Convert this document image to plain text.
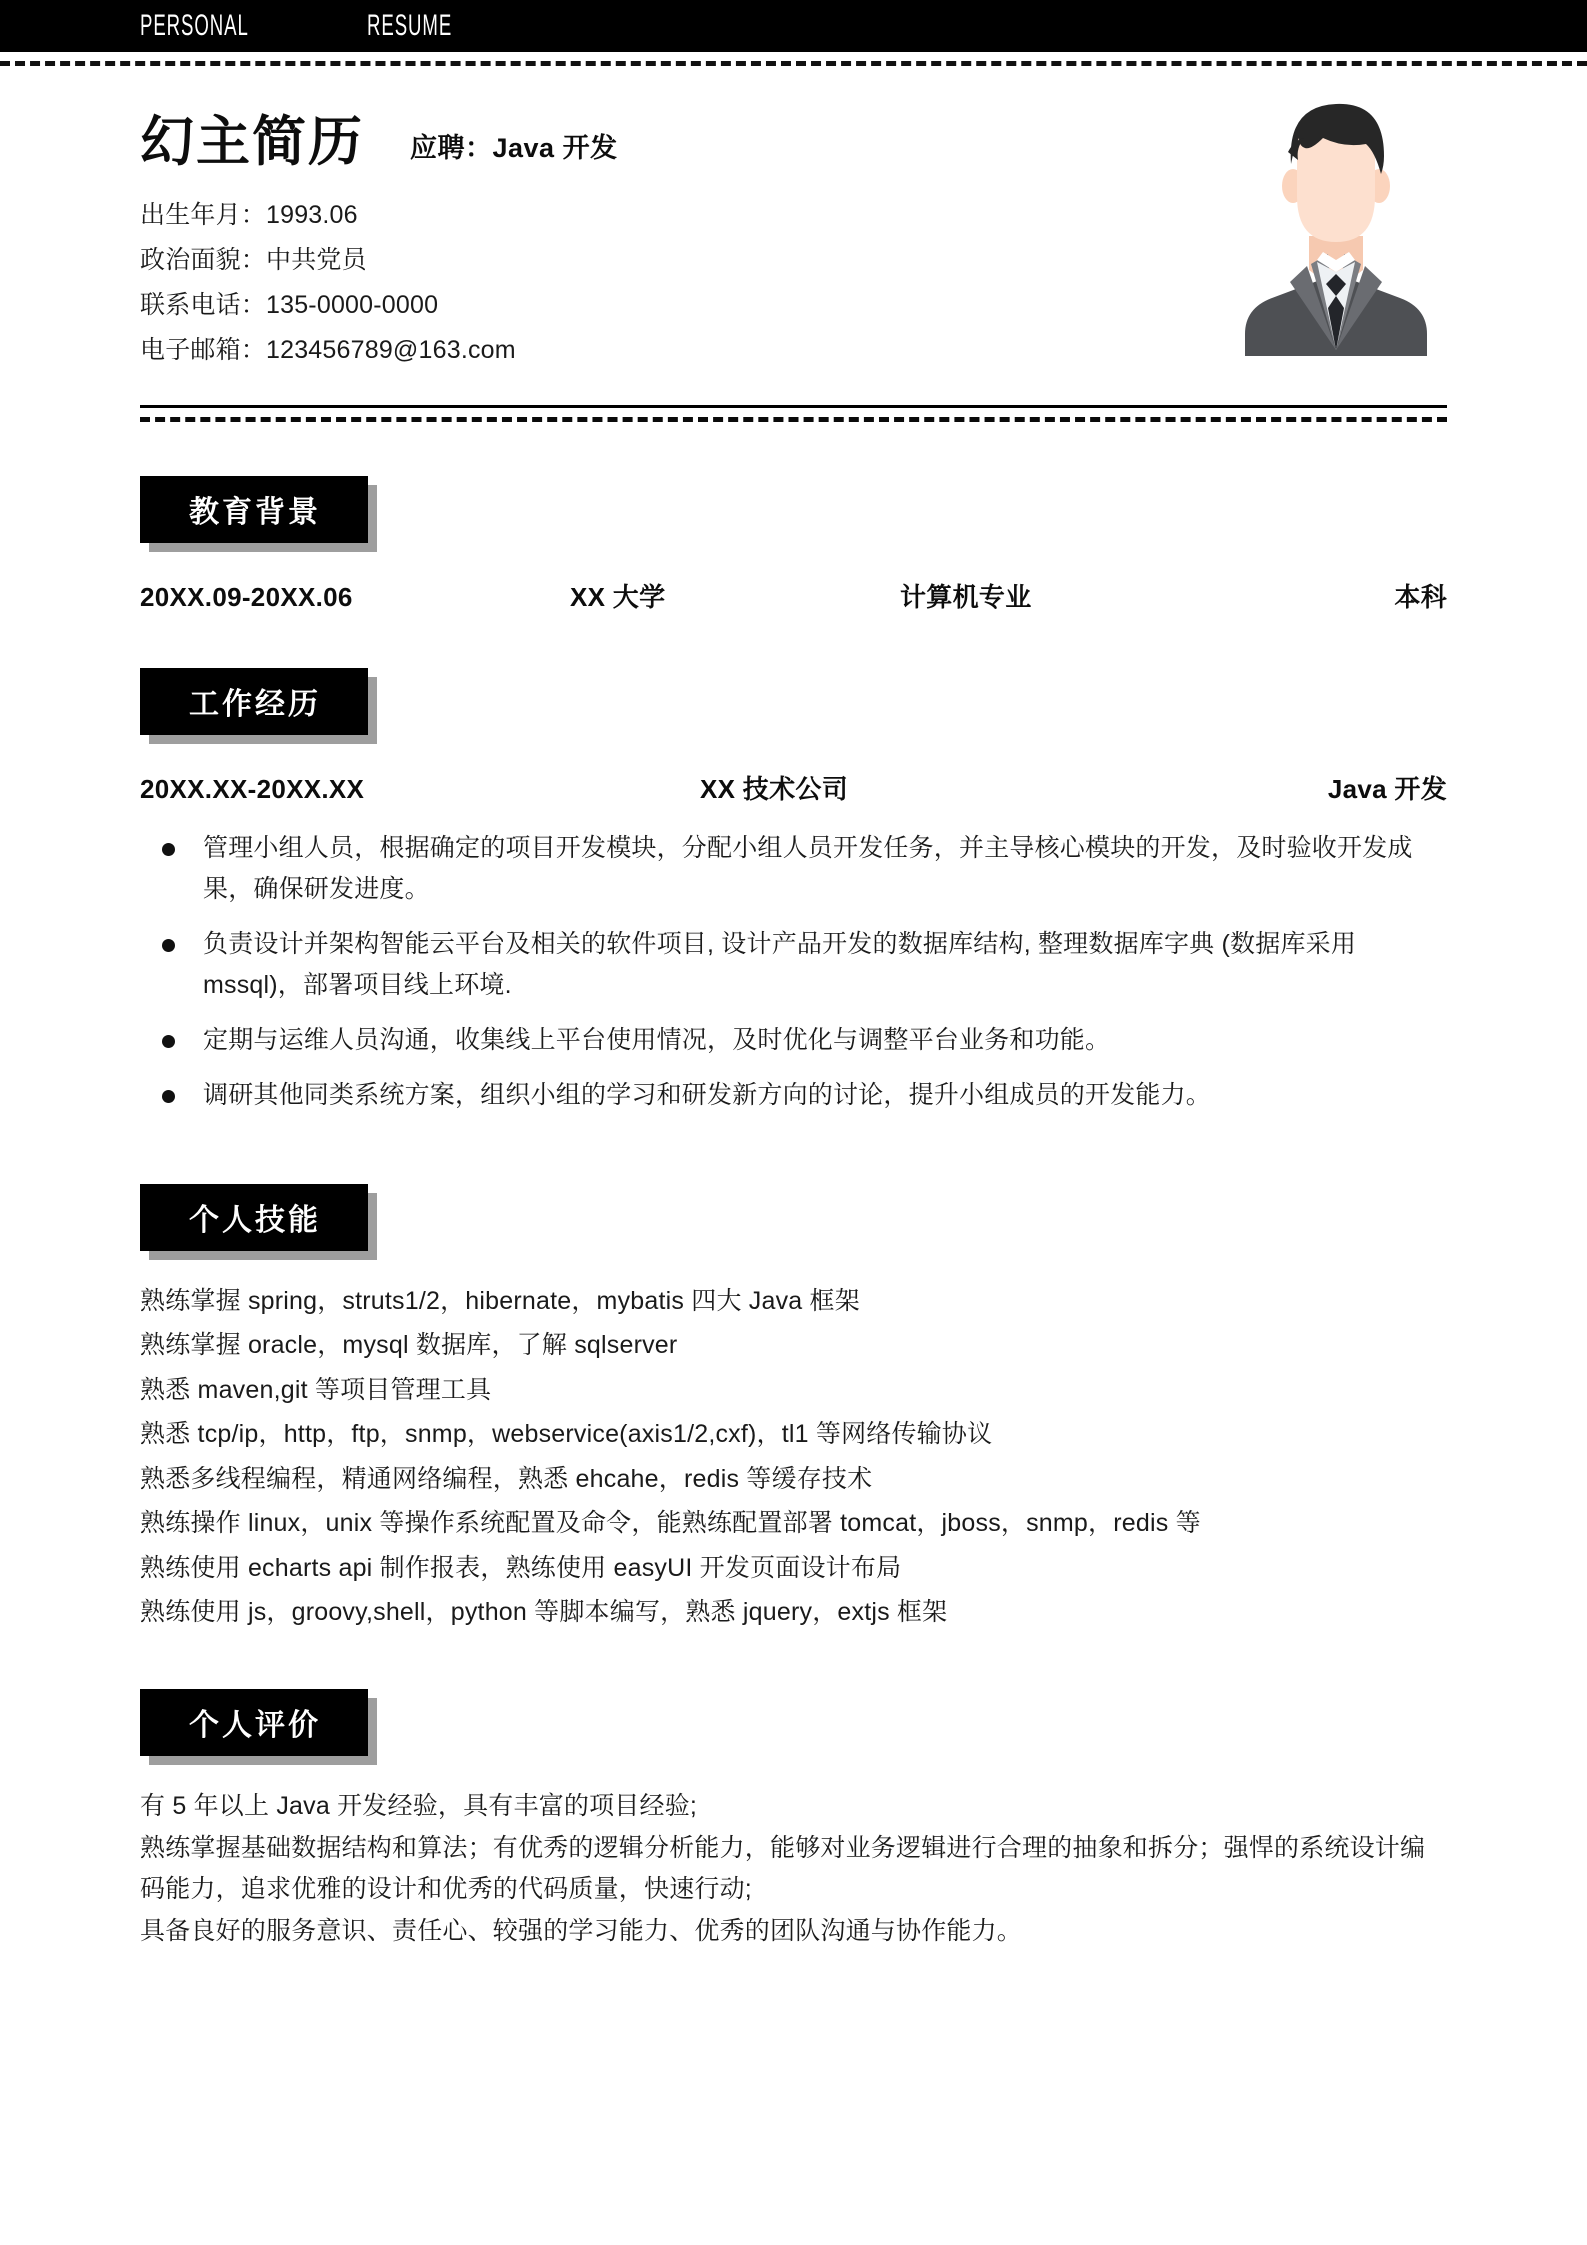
PERSONAL	RESUME
幻主简历 应聘：Java 开发
出生年月：1993.06
政治面貌：中共党员
联系电话：135-0000-0000
电子邮箱：123456789@163.com
教育背景
20XX.09-20XX.06	XX 大学	计算机专业	本科
工作经历
20XX.XX-20XX.XX	XX 技术公司	Java 开发
管理小组人员，根据确定的项目开发模块，分配小组人员开发任务，并主导核心模块的开发，及时验收开发成果，确保研发进度。
负责设计并架构智能云平台及相关的软件项目, 设计产品开发的数据库结构, 整理数据库字典 (数据库采用 mssql)，部署项目线上环境.
定期与运维人员沟通，收集线上平台使用情况，及时优化与调整平台业务和功能。
调研其他同类系统方案，组织小组的学习和研发新方向的讨论，提升小组成员的开发能力。
个人技能
熟练掌握 spring，struts1/2，hibernate，mybatis 四大 Java 框架
熟练掌握 oracle，mysql 数据库，了解 sqlserver
熟悉 maven,git 等项目管理工具
熟悉 tcp/ip，http，ftp，snmp，webservice(axis1/2,cxf)，tl1 等网络传输协议
熟悉多线程编程，精通网络编程，熟悉 ehcahe，redis 等缓存技术
熟练操作 linux，unix 等操作系统配置及命令，能熟练配置部署 tomcat，jboss，snmp，redis 等
熟练使用 echarts api 制作报表，熟练使用 easyUI 开发页面设计布局
熟练使用 js，groovy,shell，python 等脚本编写，熟悉 jquery，extjs 框架
个人评价
有 5 年以上 Java 开发经验，具有丰富的项目经验;
熟练掌握基础数据结构和算法；有优秀的逻辑分析能力，能够对业务逻辑进行合理的抽象和拆分；强悍的系统设计编码能力，追求优雅的设计和优秀的代码质量，快速行动;
具备良好的服务意识、责任心、较强的学习能力、优秀的团队沟通与协作能力。
